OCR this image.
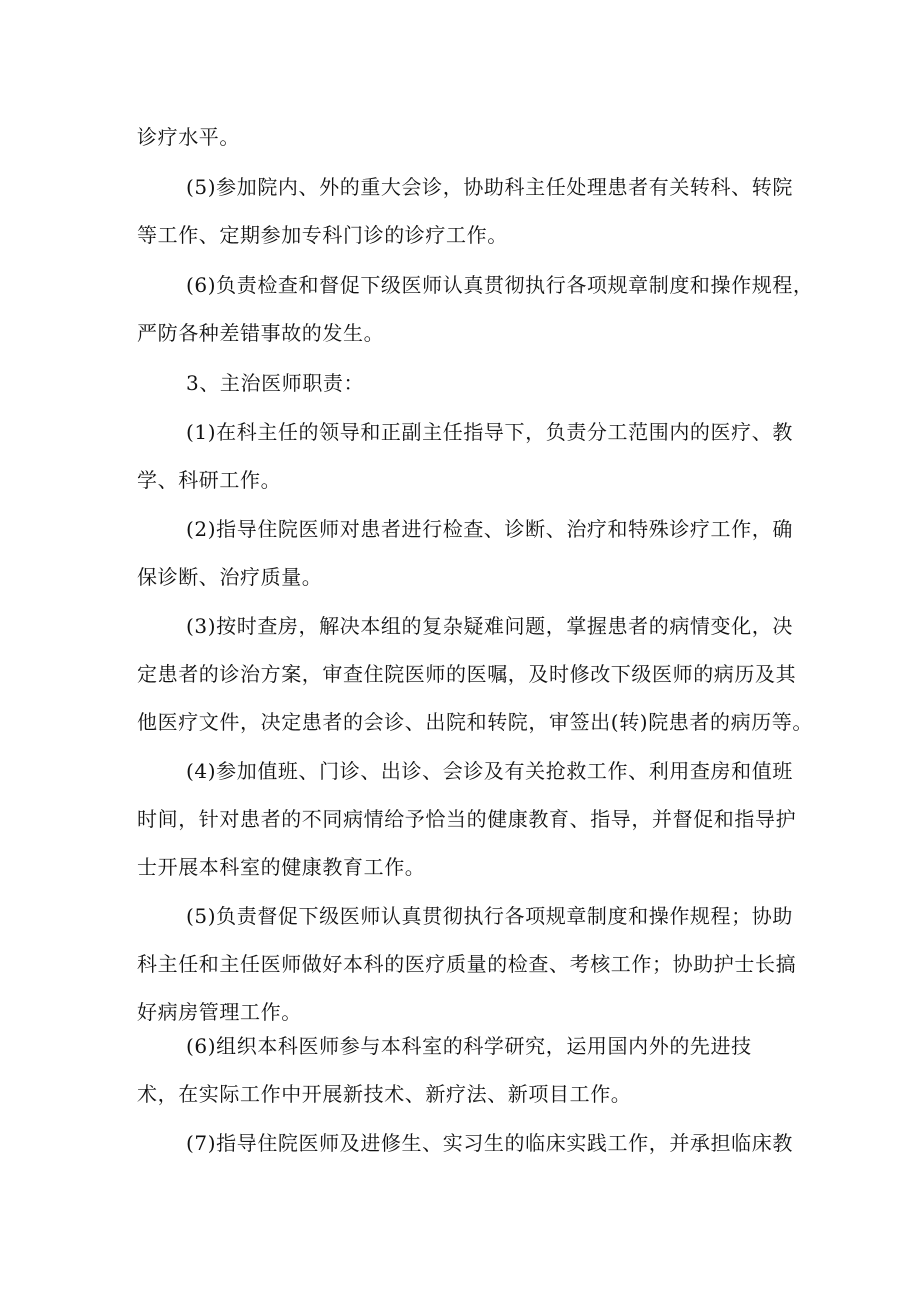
诊疗水平。

(5)参加院内、外的重大会诊，协助科主任处理患者有关转科、转院

等工作、定期参加专科门诊的诊疗工作。

(6)负责检查和督促下级医师认真贯彻执行各项规章制度和操作规程，

严防各种差错事故的发生。

3、主治医师职责：

(1)在科主任的领导和正副主任指导下，负责分工范围内的医疗、教

学、科研工作。

(2)指导住院医师对患者进行检查、诊断、治疗和特殊诊疗工作，确

保诊断、治疗质量。

(3)按时查房，解决本组的复杂疑难问题，掌握患者的病情变化，决

定患者的诊治方案，审查住院医师的医嘱，及时修改下级医师的病历及其

他医疗文件，决定患者的会诊、出院和转院，审签出(转)院患者的病历等。

(4)参加值班、门诊、出诊、会诊及有关抢救工作、利用查房和值班

时间，针对患者的不同病情给予恰当的健康教育、指导，并督促和指导护

士开展本科室的健康教育工作。

(5)负责督促下级医师认真贯彻执行各项规章制度和操作规程；协助

科主任和主任医师做好本科的医疗质量的检查、考核工作；协助护士长搞

好病房管理工作。

(6)组织本科医师参与本科室的科学研究，运用国内外的先进技

术，在实际工作中开展新技术、新疗法、新项目工作。

(7)指导住院医师及进修生、实习生的临床实践工作，并承担临床教
